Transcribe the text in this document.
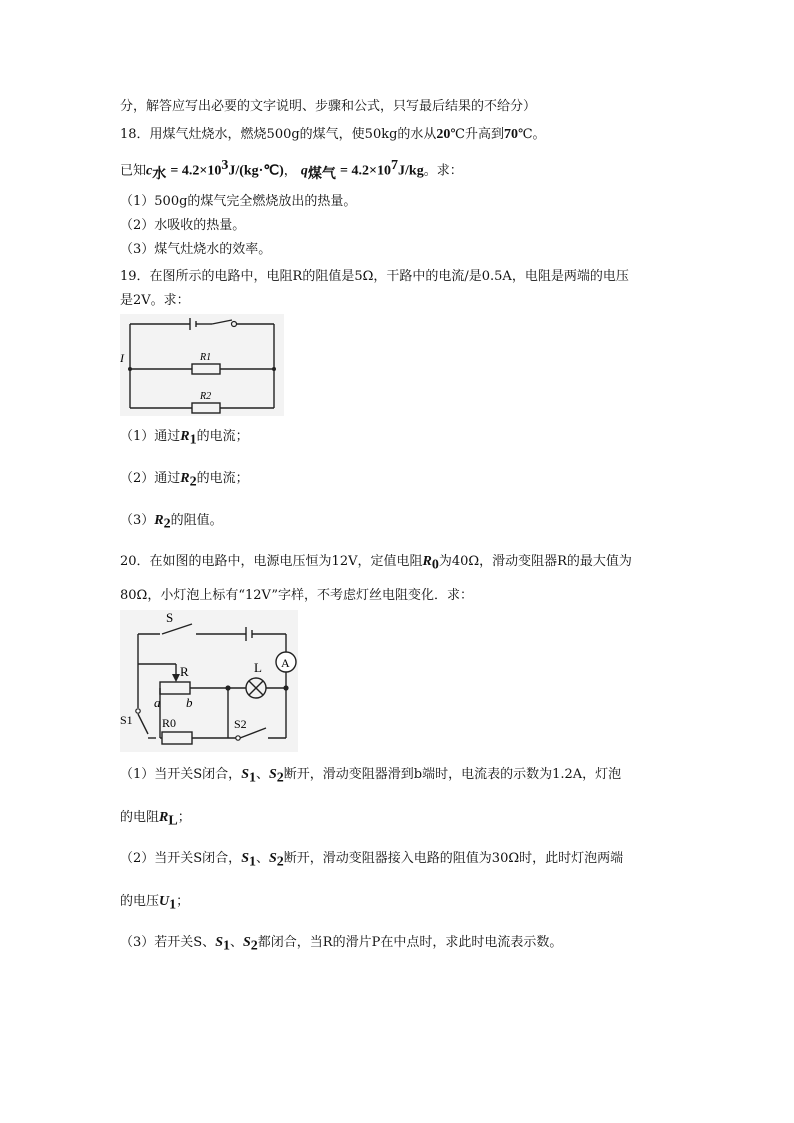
分，解答应写出必要的文字说明、步骤和公式，只写最后结果的不给分）
18．用煤气灶烧水，燃烧500g的煤气，使50kg的水从20℃升高到70℃。
已知$c_水$ = $4.2\times 10^3J/(kg\cdot℃)$， $q_{煤气} = 4.2\times 10^7J/kg$。求：
（1）500g的煤气完全燃烧放出的热量。
（2）水吸收的热量。
（3）煤气灶烧水的效率。
19．在图所示的电路中，电阻R的阻值是5Ω，干路中的电流/是0.5A，电阻是两端的电压
是2V。求：
I	R1
R2
（1）通过$R_1$的电流；
（2）通过$R_2$的电流；
$(3)R_2$的阻值。
20．在如图的电路中，电源电压恒为12V，定值电阻$R_0$为40Ω，滑动变阻器R的最大值为
80Ω，小灯泡上标有“12V”字样，不考虑灯丝电阻变化．求：
S
A
R	L
a b
S1 R0	S2
（1）当开关S闭合，$S_1$、$S_2$断开，滑动变阻器滑到b端时，电流表的示数为1.2A，灯泡
的电阻$R_L$；
（2）当开关S闭合，$S_1$、$S_2$断开，滑动变阻器接入电路的阻值为30Ω时，此时灯泡两端
的电压$U_1$；
（3）若开关S、$S_1$、$S_2$都闭合，当R的滑片P在中点时，求此时电流表示数。
